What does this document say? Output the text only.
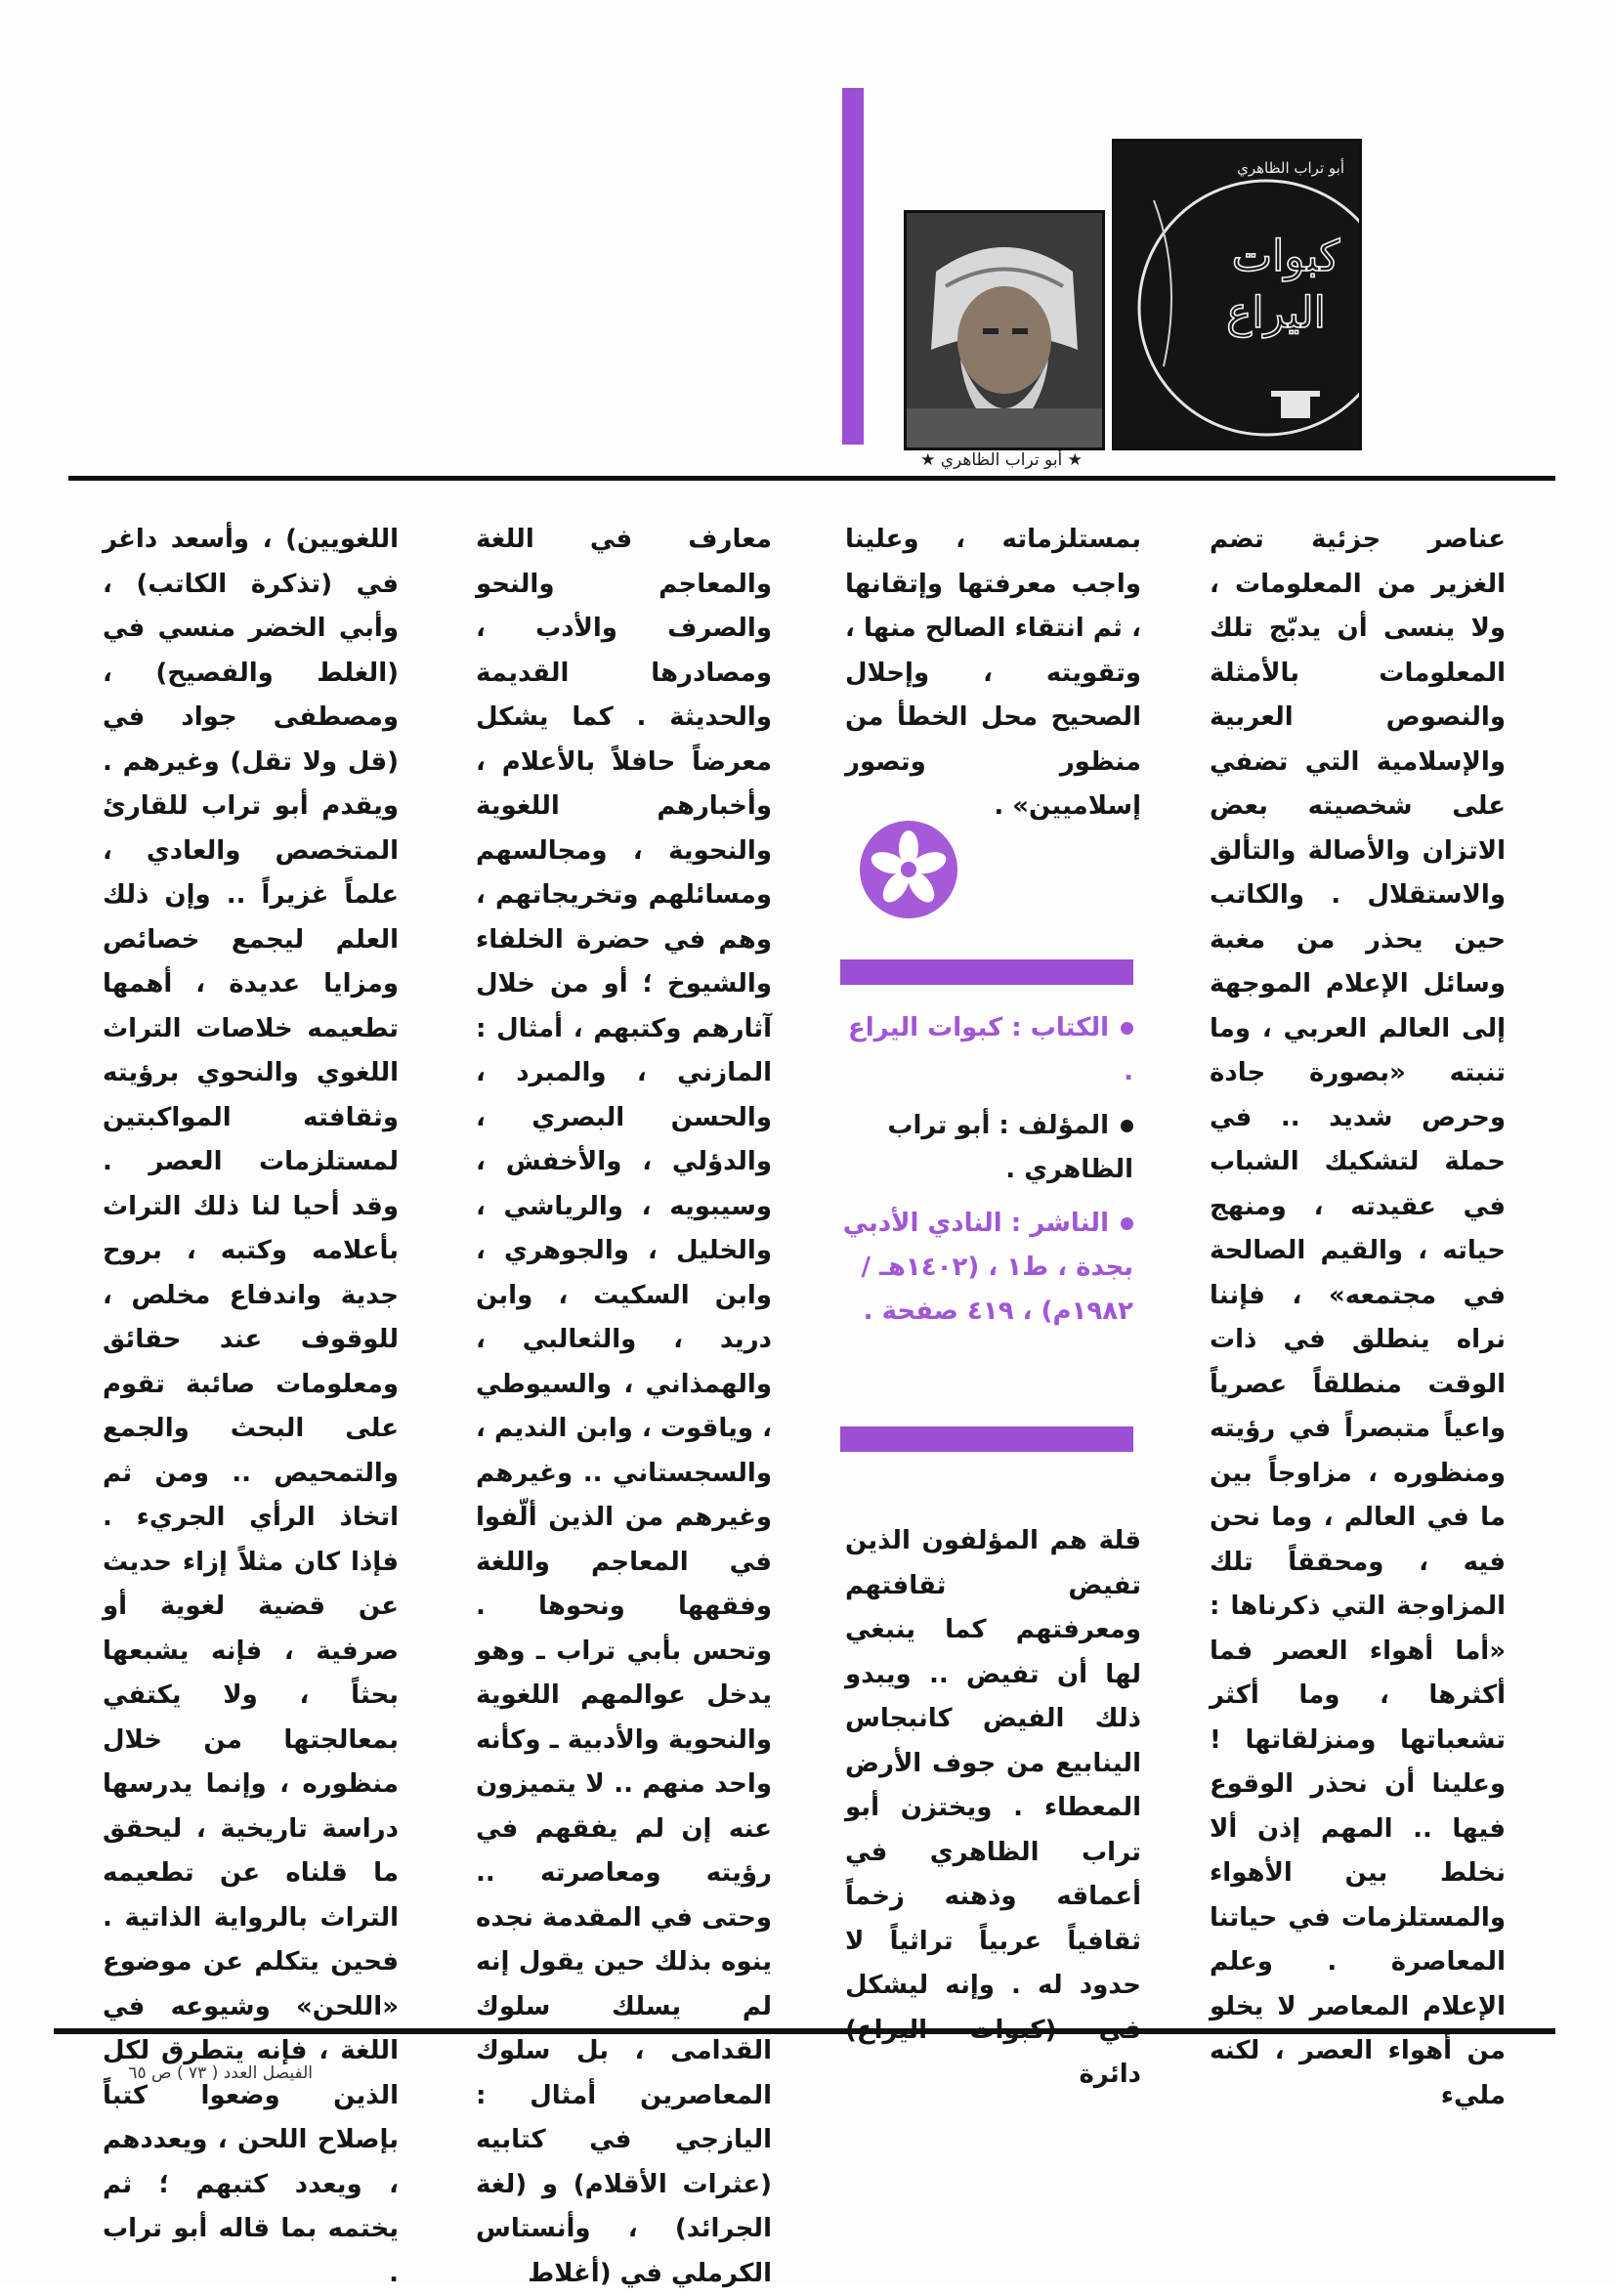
أبو تراب الظاهري
كبوات
اليراع
★ أبو تراب الظاهري ★

عناصر جزئية تضم الغزير من المعلومات ، ولا ينسى أن يدبّج تلك المعلومات بالأمثلة والنصوص العربية والإسلامية التي تضفي على شخصيته بعض الاتزان والأصالة والتألق والاستقلال . والكاتب حين يحذر من مغبة وسائل الإعلام الموجهة إلى العالم العربي ، وما تنبته «بصورة جادة وحرص شديد .. في حملة لتشكيك الشباب في عقيدته ، ومنهج حياته ، والقيم الصالحة في مجتمعه» ، فإننا نراه ينطلق في ذات الوقت منطلقاً عصرياً واعياً متبصراً في رؤيته ومنظوره ، مزاوجاً بين ما في العالم ، وما نحن فيه ، ومحققاً تلك المزاوجة التي ذكرناها : «أما أهواء العصر فما أكثرها ، وما أكثر تشعباتها ومنزلقاتها ! وعلينا أن نحذر الوقوع فيها .. المهم إذن ألا نخلط بين الأهواء والمستلزمات في حياتنا المعاصرة . وعلم الإعلام المعاصر لا يخلو من أهواء العصر ، لكنه مليء

بمستلزماته ، وعلينا واجب معرفتها وإتقانها ، ثم انتقاء الصالح منها ، وتقويته ، وإحلال الصحيح محل الخطأ من منظور وتصور إسلاميين» .

الكتاب : كبوات اليراع .
المؤلف : أبو تراب الظاهري .
الناشر : النادي الأدبي بجدة ، ط١ ، (١٤٠٢هـ / ١٩٨٢م) ، ٤١٩ صفحة .

قلة هم المؤلفون الذين تفيض ثقافتهم ومعرفتهم كما ينبغي لها أن تفيض .. ويبدو ذلك الفيض كانبجاس الينابيع من جوف الأرض المعطاء . ويختزن أبو تراب الظاهري في أعماقه وذهنه زخماً ثقافياً عربياً تراثياً لا حدود له . وإنه ليشكل دائرة

معارف في اللغة والمعاجم والنحو والصرف والأدب ، ومصادرها القديمة والحديثة . كما يشكل معرضاً حافلاً بالأعلام ، وأخبارهم اللغوية والنحوية ، ومجالسهم ومسائلهم وتخريجاتهم ، وهم في حضرة الخلفاء والشيوخ ؛ أو من خلال آثارهم وكتبهم ، أمثال : المازني ، والمبرد ، والحسن البصري ، والدؤلي ، والأخفش ، وسيبويه ، والرياشي ، والخليل ، والجوهري ، وابن السكيت ، وابن دريد ، والثعالبي ، والهمذاني ، والسيوطي ، وياقوت ، وابن النديم ، والسجستاني .. وغيرهم وغيرهم من الذين ألّفوا في المعاجم واللغة وفقهها ونحوها . وتحس بأبي تراب ـ وهو يدخل عوالمهم اللغوية والنحوية والأدبية ـ وكأنه واحد منهم .. لا يتميزون عنه إن لم يفقهم في رؤيته ومعاصرته .. وحتى في المقدمة نجده ينوه بذلك حين يقول إنه لم يسلك سلوك القدامى ، بل سلوك المعاصرين أمثال : اليازجي في كتابيه (عثرات الأقلام) و (لغة الجرائد) ، وأنستاس الكرملي في (أغلاط

اللغويين) ، وأسعد داغر في (تذكرة الكاتب) ، وأبي الخضر منسي في (الغلط والفصيح) ، ومصطفى جواد في (قل ولا تقل) وغيرهم . ويقدم أبو تراب للقارئ المتخصص والعادي ، علماً غزيراً .. وإن ذلك العلم ليجمع خصائص ومزايا عديدة ، أهمها تطعيمه خلاصات التراث اللغوي والنحوي برؤيته وثقافته المواكبتين لمستلزمات العصر . وقد أحيا لنا ذلك التراث بأعلامه وكتبه ، بروح جدية واندفاع مخلص ، للوقوف عند حقائق ومعلومات صائبة تقوم على البحث والجمع والتمحيص .. ومن ثم اتخاذ الرأي الجريء . فإذا كان مثلاً إزاء حديث عن قضية لغوية أو صرفية ، فإنه يشبعها بحثاً ، ولا يكتفي بمعالجتها من خلال منظوره ، وإنما يدرسها دراسة تاريخية ، ليحقق ما قلناه عن تطعيمه التراث بالرواية الذاتية . فحين يتكلم عن موضوع «اللحن» وشيوعه في اللغة ، فإنه يتطرق لكل الذين وضعوا كتباً بإصلاح اللحن ، ويعددهم ، ويعدد كتبهم ؛ ثم يختمه بما قاله أبو تراب .

الفيصل العدد ( ٧٣ ) ص ٦٥
